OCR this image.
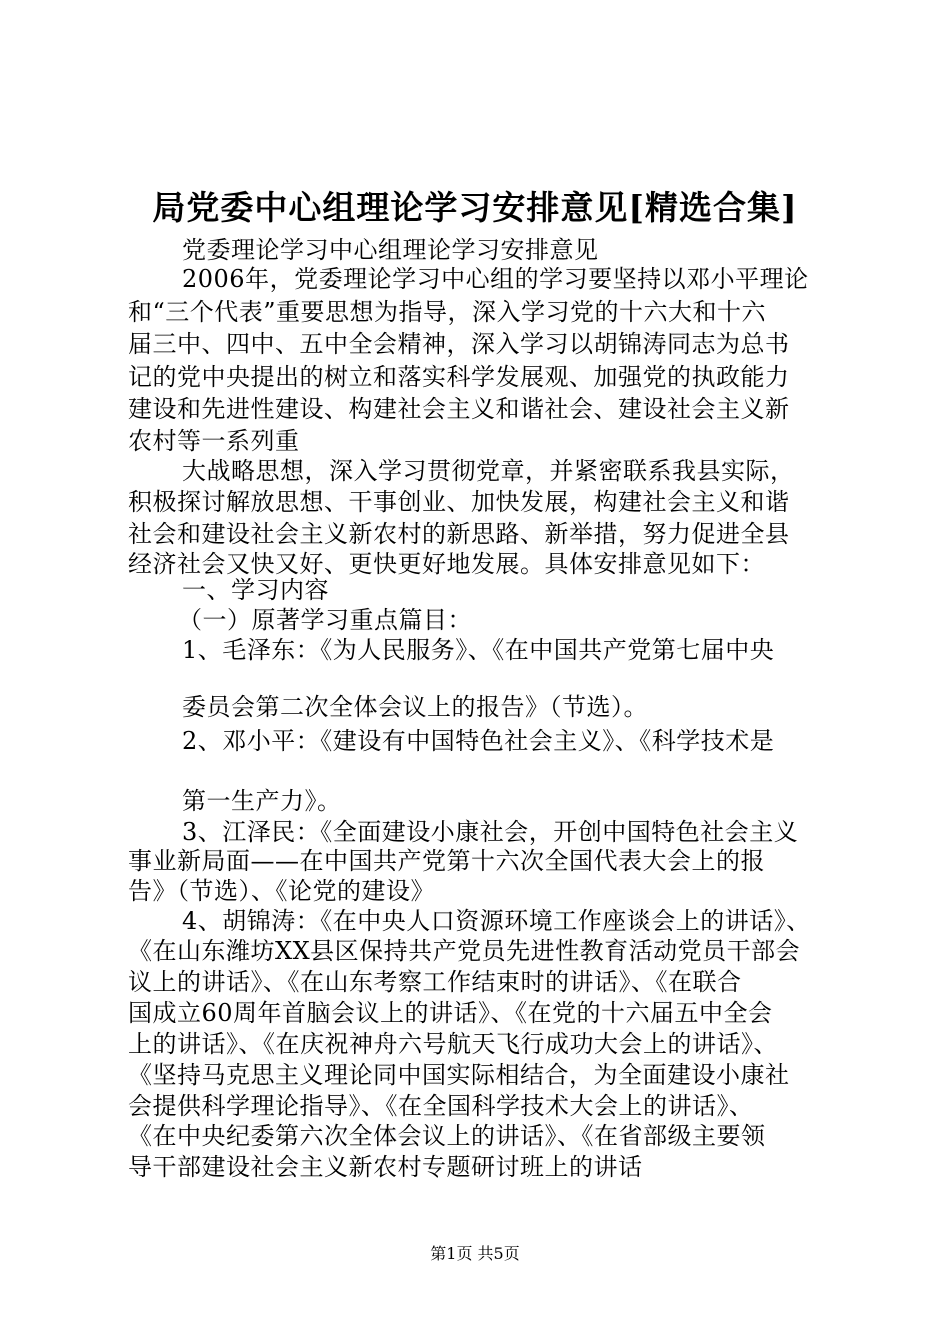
局党委中心组理论学习安排意见[精选合集]
党委理论学习中心组理论学习安排意见
2006年，党委理论学习中心组的学习要坚持以邓小平理论
和“三个代表”重要思想为指导，深入学习党的十六大和十六
届三中、四中、五中全会精神，深入学习以胡锦涛同志为总书
记的党中央提出的树立和落实科学发展观、加强党的执政能力
建设和先进性建设、构建社会主义和谐社会、建设社会主义新
农村等一系列重
大战略思想，深入学习贯彻党章，并紧密联系我县实际，
积极探讨解放思想、干事创业、加快发展，构建社会主义和谐
社会和建设社会主义新农村的新思路、新举措，努力促进全县
经济社会又快又好、更快更好地发展。具体安排意见如下：
一、学习内容
（一）原著学习重点篇目：
1、毛泽东：《为人民服务》、《在中国共产党第七届中央
委员会第二次全体会议上的报告》（节选）。
2、邓小平：《建设有中国特色社会主义》、《科学技术是
第一生产力》。
3、江泽民：《全面建设小康社会，开创中国特色社会主义
事业新局面——在中国共产党第十六次全国代表大会上的报
告》（节选）、《论党的建设》
4、胡锦涛：《在中央人口资源环境工作座谈会上的讲话》、
《在山东潍坊XX县区保持共产党员先进性教育活动党员干部会
议上的讲话》、《在山东考察工作结束时的讲话》、《在联合
国成立60周年首脑会议上的讲话》、《在党的十六届五中全会
上的讲话》、《在庆祝神舟六号航天飞行成功大会上的讲话》、
《坚持马克思主义理论同中国实际相结合，为全面建设小康社
会提供科学理论指导》、《在全国科学技术大会上的讲话》、
《在中央纪委第六次全体会议上的讲话》、《在省部级主要领
导干部建设社会主义新农村专题研讨班上的讲话
第1页 共5页
